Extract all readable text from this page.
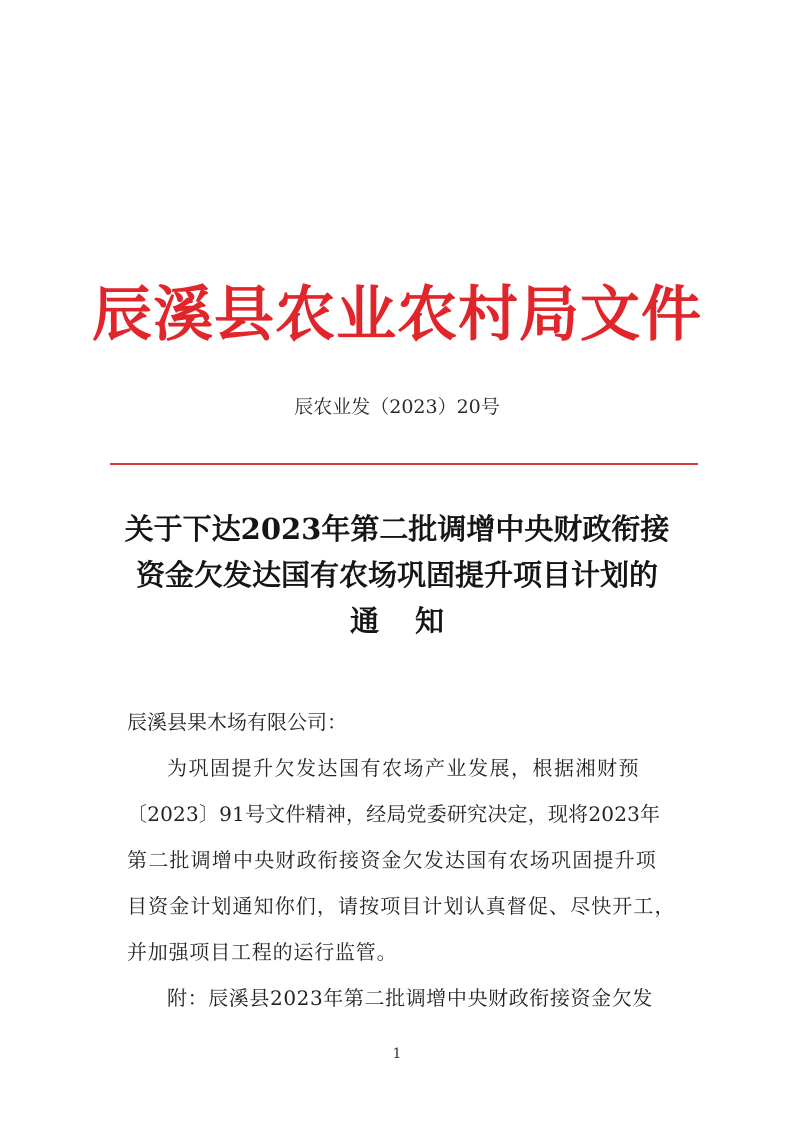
辰溪县农业农村局文件
辰农业发（2023）20号
关于下达2023年第二批调增中央财政衔接
资金欠发达国有农场巩固提升项目计划的
通知

辰溪县果木场有限公司：

为巩固提升欠发达国有农场产业发展，根据湘财预

〔2023〕91号文件精神，经局党委研究决定，现将2023年

第二批调增中央财政衔接资金欠发达国有农场巩固提升项

目资金计划通知你们，请按项目计划认真督促、尽快开工，

并加强项目工程的运行监管。

附：辰溪县2023年第二批调增中央财政衔接资金欠发

1
